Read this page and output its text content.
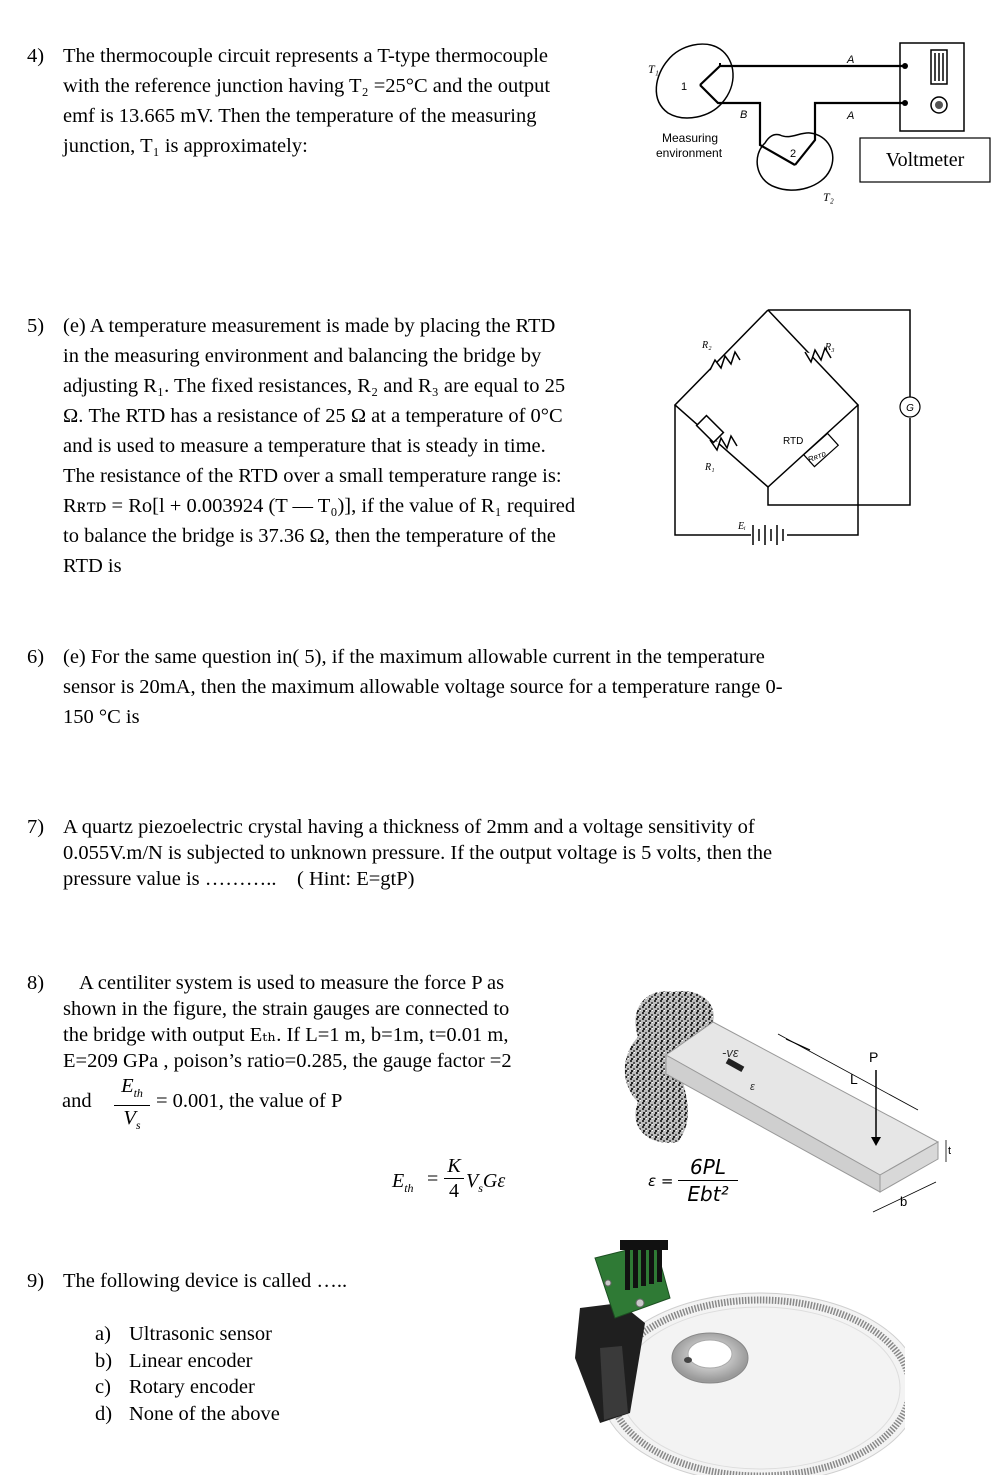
4) The thermocouple circuit represents a T-type thermocouple
with the reference junction having T₂ =25°C and the output
emf is 13.665 mV. Then the temperature of the measuring
junction, T₁ is approximately:
T₁
1
A
B	A
Measuring
environment	2
T₂
Voltmeter
5) (e) A temperature measurement is made by placing the RTD
in the measuring environment and balancing the bridge by
adjusting R₁. The fixed resistances, R₂ and R₃ are equal to 25
Ω. The RTD has a resistance of 25 Ω at a temperature of 0°C
and is used to measure a temperature that is steady in time.
The resistance of the RTD over a small temperature range is:
Rʀᴛᴅ = Ro[l + 0.003924 (T — T₀)], if the value of R₁ required
to balance the bridge is 37.36 Ω, then the temperature of the
RTD is
G
R₂	R₃
R₁
RTD
Rʀᴛᴅ
Eᵢ
6) (e) For the same question in( 5), if the maximum allowable current in the temperature
sensor is 20mA, then the maximum allowable voltage source for a temperature range 0-
150 °C is
7) A quartz piezoelectric crystal having a thickness of 2mm and a voltage sensitivity of
0.055V.m/N is subjected to unknown pressure. If the output voltage is 5 volts, then the
pressure value is ………..    ( Hint: E=gtP)
8)	A centiliter system is used to measure the force P as
shown in the figure, the strain gauges are connected to
the bridge with output Eₜₕ. If L=1 m, b=1m, t=0.01 m,
E=209 GPa , poison’s ratio=0.285, the gauge factor =2
and
$E_{th}$
$V_s$
= 0.001, the value of P
$E_{th}$ =
K
4 $V_sG\varepsilon$	ε =
6PL
Ebt²
-vε
ε	L
P
t
b
9) The following device is called …..
a) Ultrasonic sensor
b) Linear encoder
c) Rotary encoder
d) None of the above
